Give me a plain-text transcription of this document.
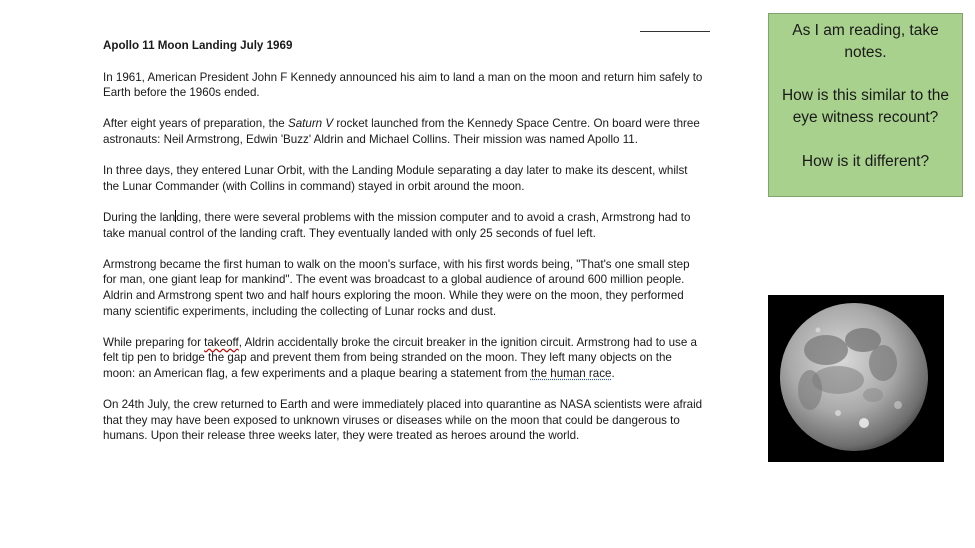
Apollo 11 Moon Landing July 1969

In 1961, American President John F Kennedy announced his aim to land a man on the moon and return him safely to Earth before the 1960s ended.

After eight years of preparation, the Saturn V rocket launched from the Kennedy Space Centre. On board were three astronauts: Neil Armstrong, Edwin 'Buzz' Aldrin and Michael Collins. Their mission was named Apollo 11.

In three days, they entered Lunar Orbit, with the Landing Module separating a day later to make its descent, whilst the Lunar Commander (with Collins in command) stayed in orbit around the moon.

During the landing, there were several problems with the mission computer and to avoid a crash, Armstrong had to take manual control of the landing craft. They eventually landed with only 25 seconds of fuel left.

Armstrong became the first human to walk on the moon's surface, with his first words being, "That's one small step for man, one giant leap for mankind". The event was broadcast to a global audience of around 600 million people. Aldrin and Armstrong spent two and half hours exploring the moon. While they were on the moon, they performed many scientific experiments, including the collecting of Lunar rocks and dust.

While preparing for takeoff, Aldrin accidentally broke the circuit breaker in the ignition circuit. Armstrong had to use a felt tip pen to bridge the gap and prevent them from being stranded on the moon. They left many objects on the moon: an American flag, a few experiments and a plaque bearing a statement from the human race.

On 24th July, the crew returned to Earth and were immediately placed into quarantine as NASA scientists were afraid that they may have been exposed to unknown viruses or diseases while on the moon that could be dangerous to humans. Upon their release three weeks later, they were treated as heroes around the world.

As I am reading, take notes.
How is this similar to the eye witness recount?
How is it different?
